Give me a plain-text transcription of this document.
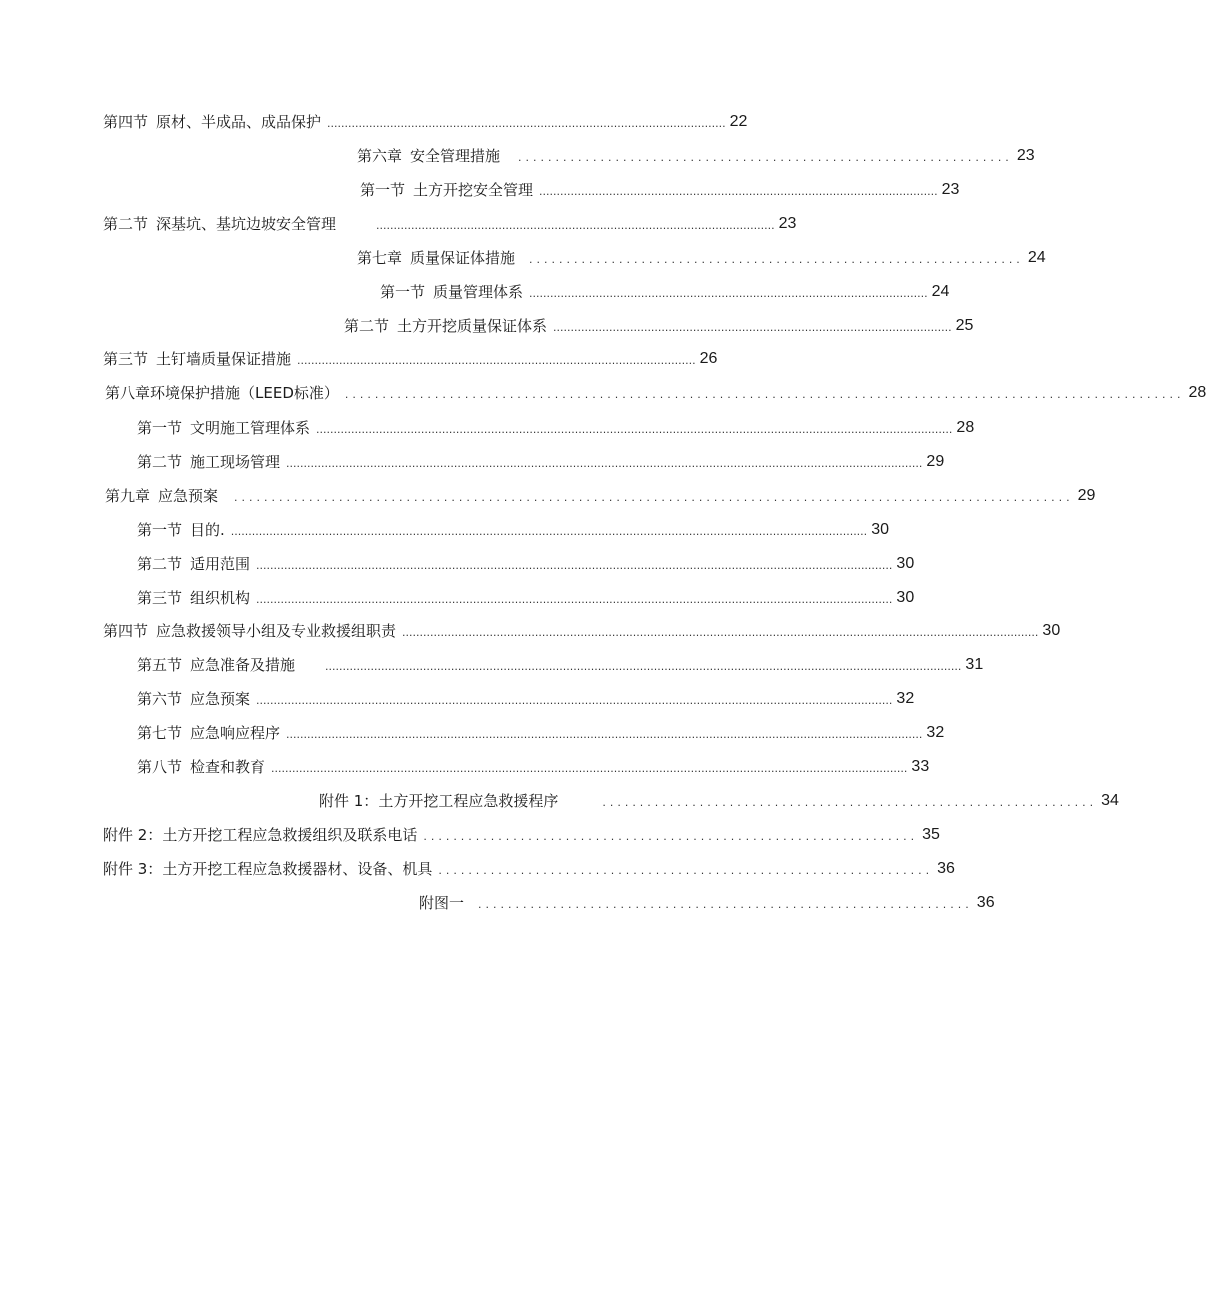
第四节 原材、半成品、成品保护 .................................................................................................................. 22
第六章 安全管理措施 .................................................................. 23
第一节 土方开挖安全管理 .................................................................................................................. 23
第二节 深基坑、基坑边坡安全管理	.................................................................................................................. 23
第七章 质量保证体措施 .................................................................. 24
第一节 质量管理体系 .................................................................................................................. 24
第二节 土方开挖质量保证体系 .................................................................................................................. 25
第三节 土钉墙质量保证措施 .................................................................................................................. 26
第八章环境保护措施（LEED标准） ................................................................................................................ 28
第一节 文明施工管理体系 ...................................................................................................................................................................................... 28
第二节 施工现场管理 ...................................................................................................................................................................................... 29
第九章 应急预案 ................................................................................................................ 29
第一节 目的. ...................................................................................................................................................................................... 30
第二节 适用范围 ...................................................................................................................................................................................... 30
第三节 组织机构 ...................................................................................................................................................................................... 30
第四节 应急救援领导小组及专业救援组职责 ...................................................................................................................................................................................... 30
第五节 应急准备及措施	...................................................................................................................................................................................... 31
第六节 应急预案 ...................................................................................................................................................................................... 32
第七节 应急响应程序 ...................................................................................................................................................................................... 32
第八节 检查和教育 ...................................................................................................................................................................................... 33
附件 1：土方开挖工程应急救援程序	.................................................................. 34
附件 2：土方开挖工程应急救援组织及联系电话 .................................................................. 35
附件 3：土方开挖工程应急救援器材、设备、机具 .................................................................. 36
附图一 .................................................................. 36
